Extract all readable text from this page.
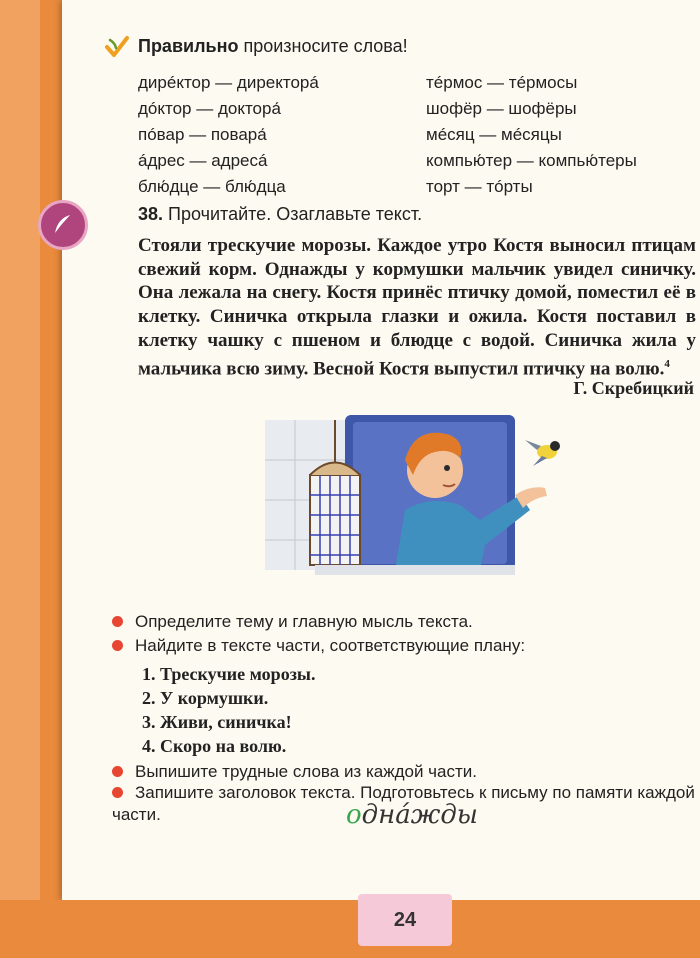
Правильно произносите слова!
дирéктор — директорá
дóктор — доктора́
пóвар — повара́
áдрес — адресá
блю́дце — блю́дца
тéрмос — тéрмосы
шофёр — шофёры
мéсяц — мéсяцы
компью́тер — компью́теры
торт — тóрты
38. Прочитайте. Озаглавьте текст.
Стояли трескучие морозы. Каждое утро Костя выносил птицам свежий корм. Однажды у кормушки мальчик увидел синичку. Она лежала на снегу. Костя принёс птичку домой, поместил её в клетку. Синичка открыла глазки и ожила. Костя поставил в клетку чашку с пшеном и блюдце с водой. Синичка жила у мальчика всю зиму. Весной Костя выпустил птичку на волю.$^4$
Г. Скребицкий
Определите тему и главную мысль текста.
Найдите в тексте части, соответствующие плану:
1. Трескучие морозы.
2. У кормушки.
3. Живи, синичка!
4. Скоро на волю.
Выпишите трудные слова из каждой части.
Запишите заголовок текста. Подготовьтесь к письму по памяти каждой части.	однáжды
24
